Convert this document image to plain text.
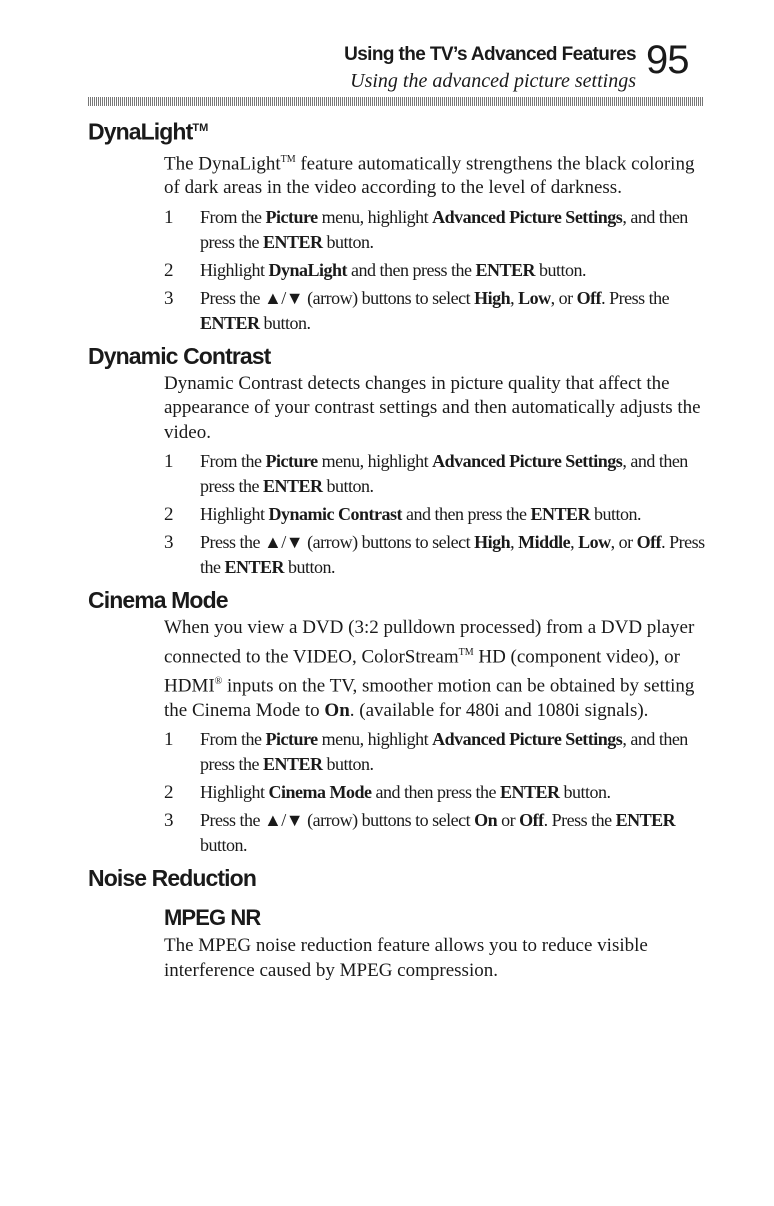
Using the TV’s Advanced Features
Using the advanced picture settings 95
DynaLight™

The DynaLight™ feature automatically strengthens the black coloring of dark areas in the video according to the level of darkness.

1	From the Picture menu, highlight Advanced Picture Settings, and then press the ENTER button.
2	Highlight DynaLight and then press the ENTER button.
3	Press the ▲/▼ (arrow) buttons to select High, Low, or Off. Press the ENTER button.
Dynamic Contrast

Dynamic Contrast detects changes in picture quality that affect the appearance of your contrast settings and then automatically adjusts the video.

1	From the Picture menu, highlight Advanced Picture Settings, and then press the ENTER button.
2	Highlight Dynamic Contrast and then press the ENTER button.
3	Press the ▲/▼ (arrow) buttons to select High, Middle, Low, or Off. Press the ENTER button.
Cinema Mode

When you view a DVD (3:2 pulldown processed) from a DVD player connected to the VIDEO, ColorStream™ HD (component video), or HDMI® inputs on the TV, smoother motion can be obtained by setting the Cinema Mode to On. (available for 480i and 1080i signals).

1	From the Picture menu, highlight Advanced Picture Settings, and then press the ENTER button.
2	Highlight Cinema Mode and then press the ENTER button.
3	Press the ▲/▼ (arrow) buttons to select On or Off. Press the ENTER button.
Noise Reduction
MPEG NR

The MPEG noise reduction feature allows you to reduce visible interference caused by MPEG compression.
